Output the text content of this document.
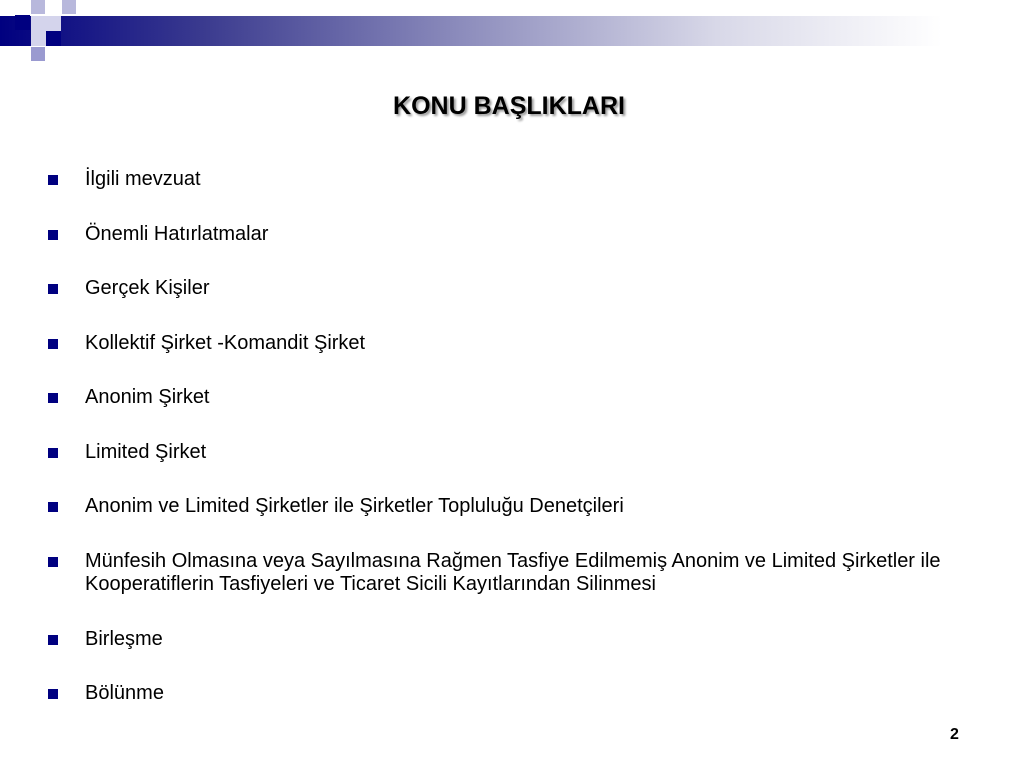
KONU BAŞLIKLARI
İlgili mevzuat
Önemli Hatırlatmalar
Gerçek Kişiler
Kollektif Şirket -Komandit Şirket
Anonim Şirket
Limited Şirket
Anonim ve Limited Şirketler ile Şirketler Topluluğu Denetçileri
Münfesih Olmasına veya Sayılmasına Rağmen Tasfiye Edilmemiş Anonim ve Limited Şirketler ile Kooperatiflerin Tasfiyeleri ve Ticaret Sicili Kayıtlarından Silinmesi
Birleşme
Bölünme
2
